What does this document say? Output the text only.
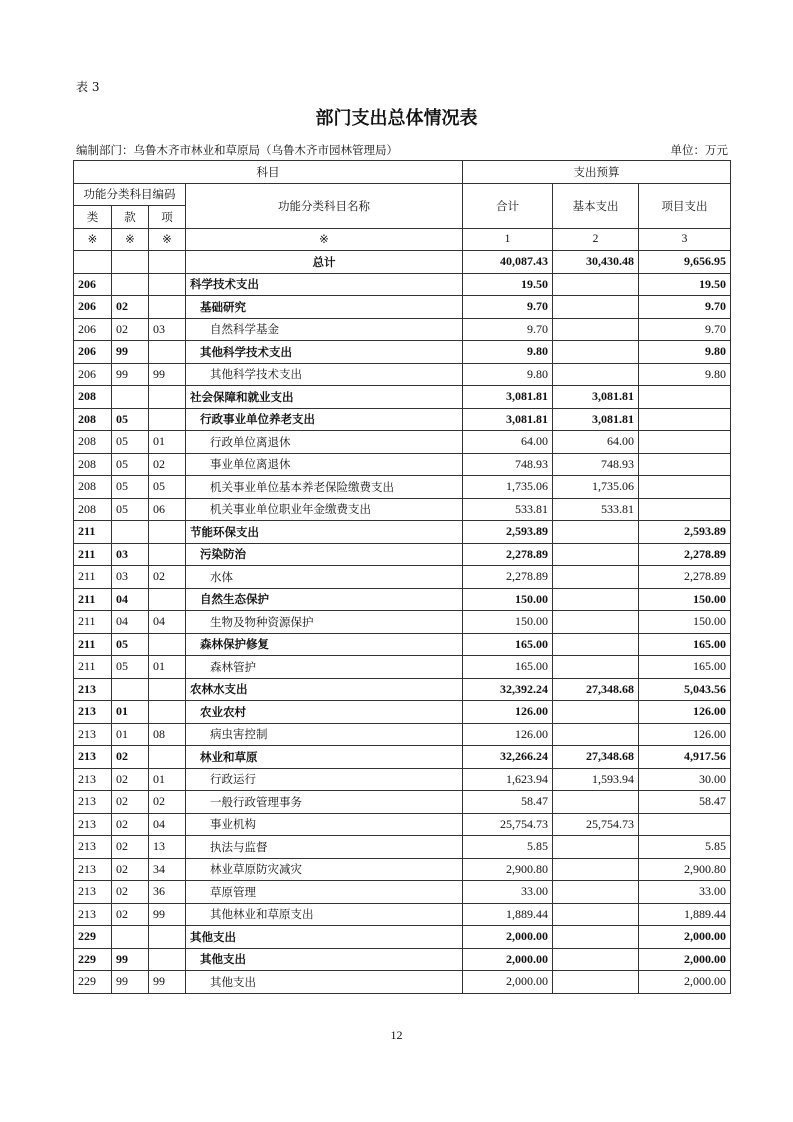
表 3
部门支出总体情况表
编制部门：乌鲁木齐市林业和草原局（乌鲁木齐市园林管理局）	单位：万元
科目				支出预算		
功能分类科目编码			功能分类科目名称	合计	基本支出	项目支出
类	款	项				
※	※	※	※	1	2	3
			总计	40,087.43	30,430.48	9,656.95
206			科学技术支出	19.50		19.50
206	02		基础研究	9.70		9.70
206	02	03	自然科学基金	9.70		9.70
206	99		其他科学技术支出	9.80		9.80
206	99	99	其他科学技术支出	9.80		9.80
208			社会保障和就业支出	3,081.81	3,081.81	
208	05		行政事业单位养老支出	3,081.81	3,081.81	
208	05	01	行政单位离退休	64.00	64.00	
208	05	02	事业单位离退休	748.93	748.93	
208	05	05	机关事业单位基本养老保险缴费支出	1,735.06	1,735.06	
208	05	06	机关事业单位职业年金缴费支出	533.81	533.81	
211			节能环保支出	2,593.89		2,593.89
211	03		污染防治	2,278.89		2,278.89
211	03	02	水体	2,278.89		2,278.89
211	04		自然生态保护	150.00		150.00
211	04	04	生物及物种资源保护	150.00		150.00
211	05		森林保护修复	165.00		165.00
211	05	01	森林管护	165.00		165.00
213			农林水支出	32,392.24	27,348.68	5,043.56
213	01		农业农村	126.00		126.00
213	01	08	病虫害控制	126.00		126.00
213	02		林业和草原	32,266.24	27,348.68	4,917.56
213	02	01	行政运行	1,623.94	1,593.94	30.00
213	02	02	一般行政管理事务	58.47		58.47
213	02	04	事业机构	25,754.73	25,754.73	
213	02	13	执法与监督	5.85		5.85
213	02	34	林业草原防灾减灾	2,900.80		2,900.80
213	02	36	草原管理	33.00		33.00
213	02	99	其他林业和草原支出	1,889.44		1,889.44
229			其他支出	2,000.00		2,000.00
229	99		其他支出	2,000.00		2,000.00
229	99	99	其他支出	2,000.00		2,000.00
12
